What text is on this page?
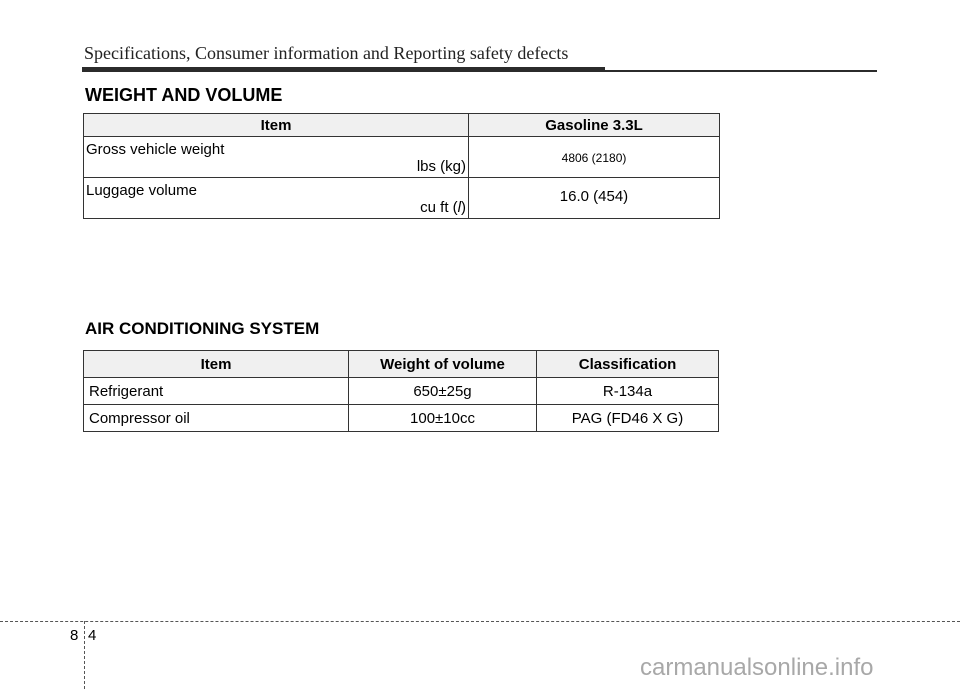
Specifications, Consumer information and Reporting safety defects
WEIGHT AND VOLUME
Item	Gasoline 3.3L

Gross vehicle weight
lbs (kg)	4806 (2180)

Luggage volume
cu ft (l)	16.0 (454)
AIR CONDITIONING SYSTEM
Item	Weight of volume	Classification
Refrigerant	650±25g	R-134a
Compressor oil	100±10cc	PAG (FD46 X G)
8 4
carmanualsonline.info
